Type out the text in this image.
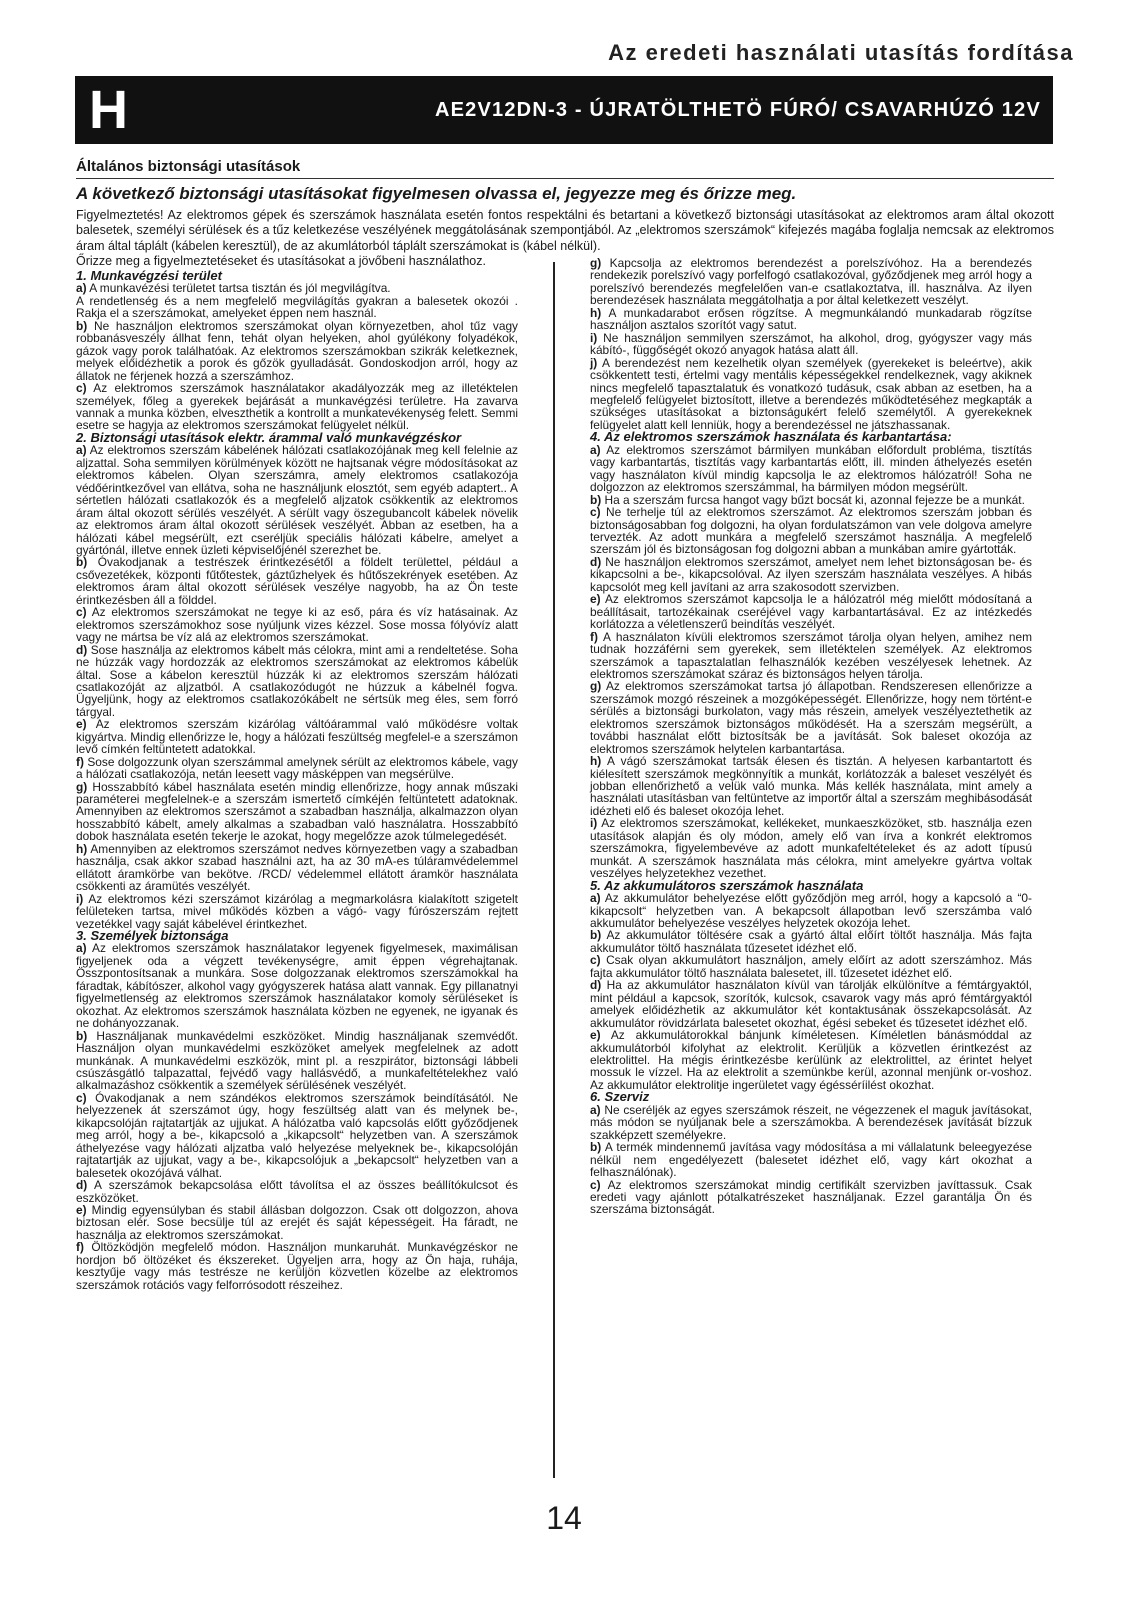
Az eredeti használati utasítás fordítása
H	AE2V12DN-3 - ÚJRATÖLTHETÖ FÚRÓ/ CSAVARHÚZÓ 12V
Általános biztonsági utasítások
A következő biztonsági utasításokat figyelmesen olvassa el, jegyezze meg és őrizze meg.
Figyelmeztetés! Az elektromos gépek és szerszámok használata esetén fontos respektálni és betartani a következő biztonsági utasításokat az elektromos aram által okozott balesetek, személyi sérülések és a tűz keletkezése veszélyének meggátolásának szempontjából. Az „elektromos szerszámok“ kifejezés magába foglalja nemcsak az elektromos áram által táplált (kábelen keresztül), de az akumlátorból táplált szerszámokat is (kábel nélkül).
Őrizze meg a figyelmeztetéseket és utasításokat a jövőbeni használathoz.

1. Munkavégzési terület

a) A munkavézési területet tartsa tisztán és jól megvilágítva.

A rendetlenség és a nem megfelelő megvilágítás gyakran a balesetek okozói . Rakja el a szerszámokat, amelyeket éppen nem használ.

b) Ne használjon elektromos szerszámokat olyan környezetben, ahol tűz vagy robbanásveszély állhat fenn, tehát olyan helyeken, ahol gyúlékony folyadékok, gázok vagy porok találhatóak. Az elektromos szerszámokban szikrák keletkeznek, melyek előidézhetik a porok és gőzök gyulladását. Gondoskodjon arról, hogy az állatok ne férjenek hozzá a szerszámhoz.

c) Az elektromos szerszámok használatakor akadályozzák meg az illetéktelen személyek, főleg a gyerekek bejárását a munkavégzési területre. Ha zavarva vannak a munka közben, elveszthetik a kontrollt a munkatevékenység felett. Semmi esetre se hagyja az elektromos szerszámokat felügyelet nélkül.

2. Biztonsági utasítások elektr. árammal való munkavégzéskor

a) Az elektromos szerszám kábelének hálózati csatlakozójának meg kell felelnie az aljzattal. Soha semmilyen körülmények között ne hajtsanak végre módosításokat az elektromos kábelen. Olyan szerszámra, amely elektromos csatlakozója védőérintkezővel van ellátva, soha ne használjunk elosztót, sem egyéb adaptert.. A sértetlen hálózati csatlakozók és a megfelelő aljzatok csökkentik az elektromos áram által okozott sérülés veszélyét. A sérült vagy öszegubancolt kábelek növelik az elektromos áram által okozott sérülések veszélyét. Abban az esetben, ha a hálózati kábel megsérült, ezt cseréljük speciális hálózati kábelre, amelyet a gyártónál, illetve ennek üzleti képviselőjénél szerezhet be.

b) Óvakodjanak a testrészek érintkezésétől a földelt területtel, például a csővezetékek, központi fűtőtestek, gáztűzhelyek és hűtőszekrények esetében. Az elektromos áram által okozott sérülések veszélye nagyobb, ha az Ön teste érintkezésben áll a földdel.

c) Az elektromos szerszámokat ne tegye ki az eső, pára és víz hatásainak. Az elektromos szerszámokhoz sose nyúljunk vizes kézzel. Sose mossa fólyóvíz alatt vagy ne mártsa be víz alá az elektromos szerszámokat.

d) Sose használja az elektromos kábelt más célokra, mint ami a rendeltetése. Soha ne húzzák vagy hordozzák az elektromos szerszámokat az elektromos kábelük által. Sose a kábelon keresztül húzzák ki az elektromos szerszám hálózati csatlakozóját az aljzatból. A csatlakozódugót ne húzzuk a kábelnél fogva. Ügyeljünk, hogy az elektromos csatlakozókábelt ne sértsük meg éles, sem forró tárgyal.

e) Az elektromos szerszám kizárólag váltóárammal való működésre voltak kigyártva. Mindig ellenőrizze le, hogy a hálózati feszültség megfelel-e a szerszámon levő címkén feltüntetett adatokkal.

f) Sose dolgozzunk olyan szerszámmal amelynek sérült az elektromos kábele, vagy a hálózati csatlakozója, netán leesett vagy másképpen van megsérülve.

g) Hosszabbító kábel használata esetén mindig ellenőrizze, hogy annak műszaki paraméterei megfelelnek-e a szerszám ismertető címkéjén feltüntetett adatoknak. Amennyiben az elektromos szerszámot a szabadban használja, alkalmazzon olyan hosszabbító kábelt, amely alkalmas a szabadban való használatra. Hosszabbító dobok használata esetén tekerje le azokat, hogy megelőzze azok túlmelegedését.

h) Amennyiben az elektromos szerszámot nedves környezetben vagy a szabadban használja, csak akkor szabad használni azt, ha az 30 mA-es túláramvédelemmel ellátott áramkörbe van bekötve. /RCD/ védelemmel ellátott áramkör használata csökkenti az áramütés veszélyét.

i) Az elektromos kézi szerszámot kizárólag a megmarkolásra kialakított szigetelt felületeken tartsa, mivel működés közben a vágó- vagy fúrószerszám rejtett vezetékkel vagy saját kábelével érintkezhet.

3. Személyek biztonsága

a) Az elektromos szerszámok használatakor legyenek figyelmesek, maximálisan figyeljenek oda a végzett tevékenységre, amit éppen végrehajtanak. Összpontosítsanak a munkára. Sose dolgozzanak elektromos szerszámokkal ha fáradtak, kábítószer, alkohol vagy gyógyszerek hatása alatt vannak. Egy pillanatnyi figyelmetlenség az elektromos szerszámok használatakor komoly sérüléseket is okozhat. Az elektromos szerszámok használata közben ne egyenek, ne igyanak és ne dohányozzanak.

b) Használjanak munkavédelmi eszközöket. Mindig használjanak szemvédőt. Használjon olyan munkavédelmi eszközöket amelyek megfelelnek az adott munkának. A munkavédelmi eszközök, mint pl. a reszpirátor, biztonsági lábbeli csúszásgátló talpazattal, fejvédő vagy hallásvédő, a munkafeltételekhez való alkalmazáshoz csökkentik a személyek sérülésének veszélyét.

c) Óvakodjanak a nem szándékos elektromos szerszámok beindításától. Ne helyezzenek át szerszámot úgy, hogy feszültség alatt van és melynek be-, kikapcsolóján rajtatartják az ujjukat. A hálózatba való kapcsolás előtt győződjenek meg arról, hogy a be-, kikapcsoló a „kikapcsolt“ helyzetben van. A szerszámok áthelyezése vagy hálózati aljzatba való helyezése melyeknek be-, kikapcsolóján rajtatartják az ujjukat, vagy a be-, kikapcsolójuk a „bekapcsolt“ helyzetben van a balesetek okozójává válhat.

d) A szerszámok bekapcsolása előtt távolítsa el az összes beállítókulcsot és eszközöket.

e) Mindig egyensúlyban és stabil állásban dolgozzon. Csak ott dolgozzon, ahova biztosan elér. Sose becsülje túl az erejét és saját képességeit. Ha fáradt, ne használja az elektromos szerszámokat.

f) Öltözködjön megfelelő módon. Használjon munkaruhát. Munkavégzéskor ne hordjon bő öltözéket és ékszereket. Ügyeljen arra, hogy az Ön haja, ruhája, kesztyűje vagy más testrésze ne kerüljön közvetlen közelbe az elektromos szerszámok rotációs vagy felforrósodott részeihez.

g) Kapcsolja az elektromos berendezést a porelszívóhoz. Ha a berendezés rendekezik porelszívó vagy porfelfogó csatlakozóval, győződjenek meg arról hogy a porelszívó berendezés megfelelően van-e csatlakoztatva, ill. használva. Az ilyen berendezések használata meggátolhatja a por által keletkezett veszélyt.

h) A munkadarabot erősen rögzítse. A megmunkálandó munkadarab rögzítse használjon asztalos szorítót vagy satut.

i) Ne használjon semmilyen szerszámot, ha alkohol, drog, gyógyszer vagy más kábító-, függőségét okozó anyagok hatása alatt áll.

j) A berendezést nem kezelhetik olyan személyek (gyerekeket is beleértve), akik csökkentett testi, értelmi vagy mentális képességekkel rendelkeznek, vagy akiknek nincs megfelelő tapasztalatuk és vonatkozó tudásuk, csak abban az esetben, ha a megfelelő felügyelet biztosított, illetve a berendezés működtetéséhez megkapták a szükséges utasításokat a biztonságukért felelő személytől. A gyerekeknek felügyelet alatt kell lenniük, hogy a berendezéssel ne játszhassanak.

4. Az elektromos szerszámok használata és karbantartása:

a) Az elektromos szerszámot bármilyen munkában előfordult probléma, tisztítás vagy karbantartás, tisztítás vagy karbantartás előtt, ill. minden áthelyezés esetén vagy használaton kívül mindig kapcsolja le az elektromos hálózatról! Soha ne dolgozzon az elektromos szerszámmal, ha bármilyen módon megsérült.

b) Ha a szerszám furcsa hangot vagy bűzt bocsát ki, azonnal fejezze be a munkát.

c) Ne terhelje túl az elektromos szerszámot. Az elektromos szerszám jobban és biztonságosabban fog dolgozni, ha olyan fordulatszámon van vele dolgova amelyre tervezték. Az adott munkára a megfelelő szerszámot használja. A megfelelő szerszám jól és biztonságosan fog dolgozni abban a munkában amire gyártották.

d) Ne használjon elektromos szerszámot, amelyet nem lehet biztonságosan be- és kikapcsolni a be-, kikapcsolóval. Az ilyen szerszám használata veszélyes. A hibás kapcsolót meg kell javítani az arra szakosodott szervizben.

e) Az elektromos szerszámot kapcsolja le a hálózatról még mielőtt módosítaná a beállításait, tartozékainak cseréjével vagy karbantartásával. Ez az intézkedés korlátozza a véletlenszerű beindítás veszélyét.

f) A használaton kívüli elektromos szerszámot tárolja olyan helyen, amihez nem tudnak hozzáférni sem gyerekek, sem illetéktelen személyek. Az elektromos szerszámok a tapasztalatlan felhasználók kezében veszélyesek lehetnek. Az elektromos szerszámokat száraz és biztonságos helyen tárolja.

g) Az elektromos szerszámokat tartsa jó állapotban. Rendszeresen ellenőrizze a szerszámok mozgó részeinek a mozgóképességét. Ellenőrizze, hogy nem történt-e sérülés a biztonsági burkolaton, vagy más részein, amelyek veszélyeztethetik az elektromos szerszámok biztonságos működését. Ha a szerszám megsérült, a további használat előtt biztosítsák be a javítását. Sok baleset okozója az elektromos szerszámok helytelen karbantartása.

h) A vágó szerszámokat tartsák élesen és tisztán. A helyesen karbantartott és kiélesített szerszámok megkönnyítik a munkát, korlátozzák a baleset veszélyét és jobban ellenőrizhető a velük való munka. Más kellék használata, mint amely a használati utasításban van feltüntetve az importőr által a szerszám meghibásodását idézheti elő és baleset okozója lehet.

i) Az elektromos szerszámokat, kellékeket, munkaeszközöket, stb. használja ezen utasítások alapján és oly módon, amely elő van írva a konkrét elektromos szerszámokra, figyelembevéve az adott munkafeltételeket és az adott típusú munkát. A szerszámok használata más célokra, mint amelyekre gyártva voltak veszélyes helyzetekhez vezethet.

5. Az akkumulátoros szerszámok használata

a) Az akkumulátor behelyezése előtt győződjön meg arról, hogy a kapcsoló a “0-kikapcsolt“ helyzetben van. A bekapcsolt állapotban levő szerszámba való akkumulátor behelyezése veszélyes helyzetek okozója lehet.

b) Az akkumulátor töltésére csak a gyártó által előírt töltőt használja. Más fajta akkumulátor töltő használata tűzesetet idézhet elő.

c) Csak olyan akkumulátort használjon, amely előírt az adott szerszámhoz. Más fajta akkumulátor töltő használata balesetet, ill. tűzesetet idézhet elő.

d) Ha az akkumulátor használaton kívül van tárolják elkülönítve a fémtárgyaktól, mint például a kapcsok, szorítók, kulcsok, csavarok vagy más apró fémtárgyaktól amelyek előidézhetik az akkumulátor két kontaktusának összekapcsolását. Az akkumulátor rövidzárlata balesetet okozhat, égési sebeket és tűzesetet idézhet elő.

e) Az akkumulátorokkal bánjunk kíméletesen. Kíméletlen bánásmóddal az akkumulátorból kifolyhat az elektrolit. Kerüljük a közvetlen érintkezést az elektrolittel. Ha mégis érintkezésbe kerülünk az elektrolittel, az érintet helyet mossuk le vízzel. Ha az elektrolit a szemünkbe kerül, azonnal menjünk or-voshoz. Az akkumulátor elektrolitje ingerületet vagy égésséríilést okozhat.

6. Szerviz

a) Ne cseréljék az egyes szerszámok részeit, ne végezzenek el maguk javításokat, más módon se nyúljanak bele a szerszámokba. A berendezések javítását bízzuk szakképzett személyekre.

b) A termék mindennemű javítása vagy módosítása a mi vállalatunk beleegyezése nélkül nem engedélyezett (balesetet idézhet elő, vagy kárt okozhat a felhasználónak).

c) Az elektromos szerszámokat mindig certifikált szervizben javíttassuk. Csak eredeti vagy ajánlott pótalkatrészeket használjanak. Ezzel garantálja Ön és szerszáma biztonságát.

14
